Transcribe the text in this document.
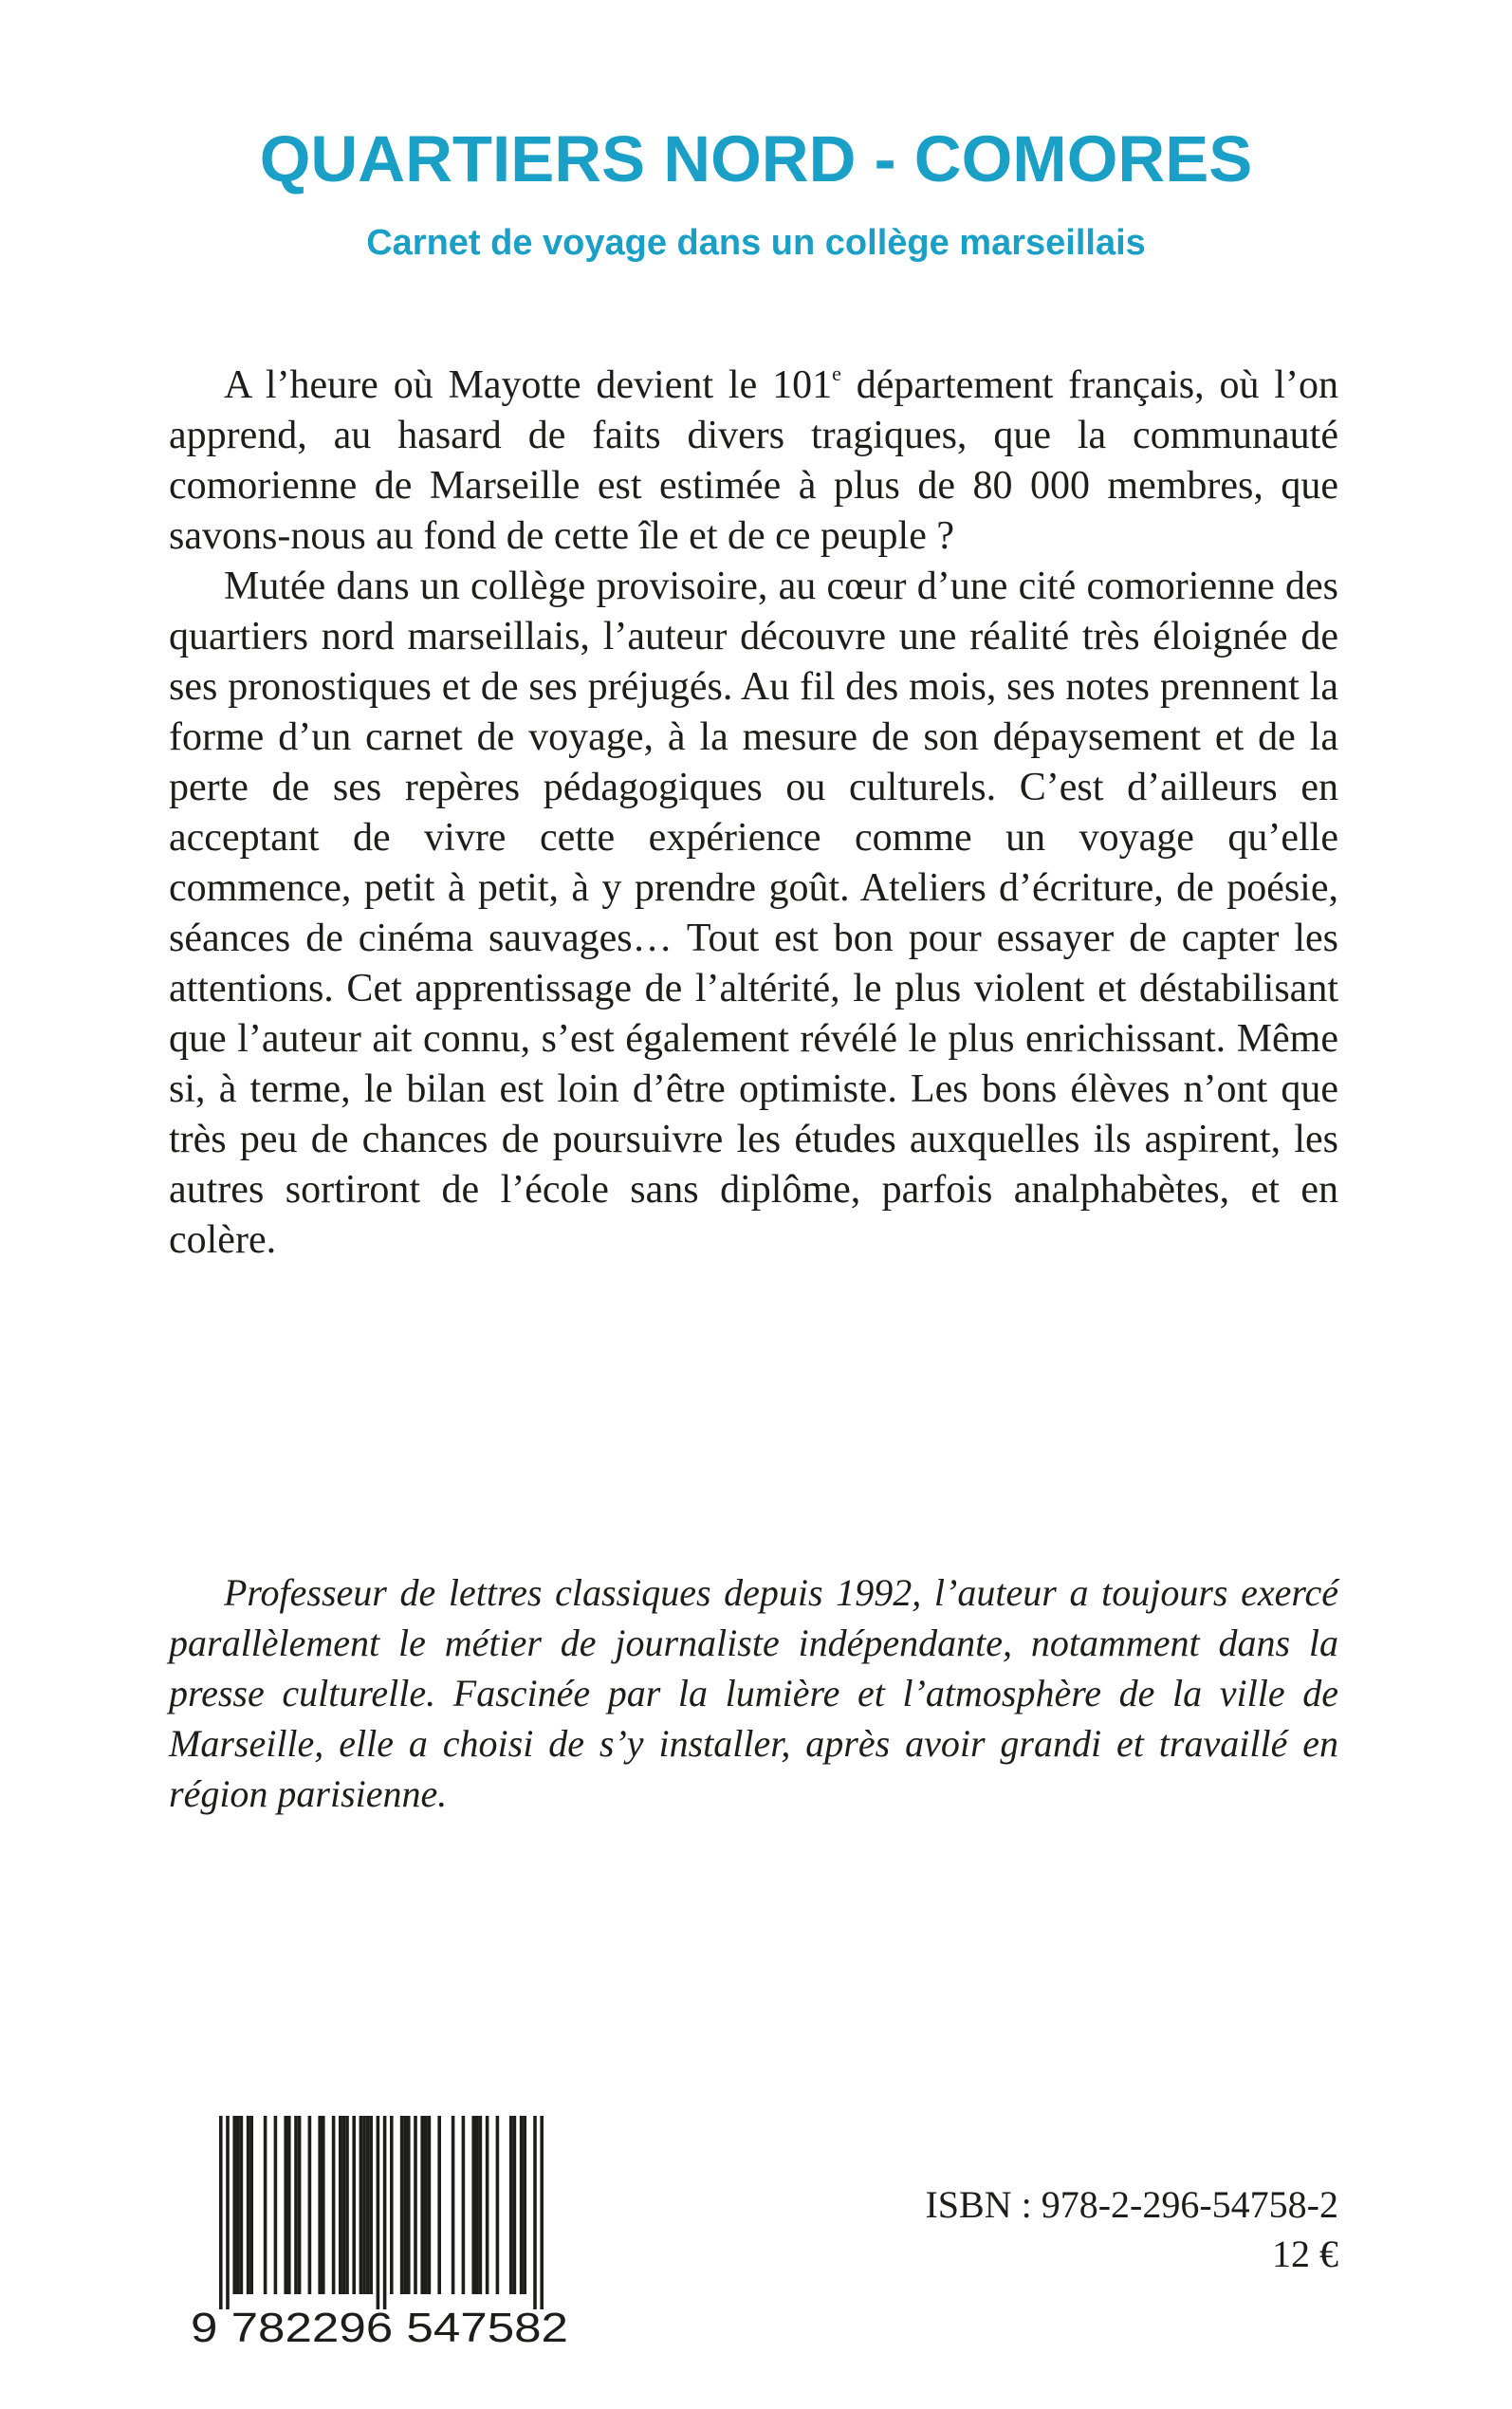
QUARTIERS NORD - COMORES
Carnet de voyage dans un collège marseillais

A l’heure où Mayotte devient le 101e département français, où l’on apprend, au hasard de faits divers tragiques, que la communauté comorienne de Marseille est estimée à plus de 80 000 membres, que savons-nous au fond de cette île et de ce peuple ?

Mutée dans un collège provisoire, au cœur d’une cité comorienne des quartiers nord marseillais, l’auteur découvre une réalité très éloignée de ses pronostiques et de ses préjugés. Au fil des mois, ses notes prennent la forme d’un carnet de voyage, à la mesure de son dépaysement et de la perte de ses repères pédagogiques ou culturels. C’est d’ailleurs en acceptant de vivre cette expérience comme un voyage qu’elle commence, petit à petit, à y prendre goût. Ateliers d’écriture, de poésie, séances de cinéma sauvages… Tout est bon pour essayer de capter les attentions. Cet apprentissage de l’altérité, le plus violent et déstabilisant que l’auteur ait connu, s’est également révélé le plus enrichissant. Même si, à terme, le bilan est loin d’être optimiste. Les bons élèves n’ont que très peu de chances de poursuivre les études auxquelles ils aspirent, les autres sortiront de l’école sans diplôme, parfois analphabètes, et en colère.

Professeur de lettres classiques depuis 1992, l’auteur a toujours exercé parallèlement le métier de journaliste indépendante, notamment dans la presse culturelle. Fascinée par la lumière et l’atmosphère de la ville de Marseille, elle a choisi de s’y installer, après avoir grandi et travaillé en région parisienne.

9 782296 547582
ISBN : 978-2-296-54758-2
12 €
